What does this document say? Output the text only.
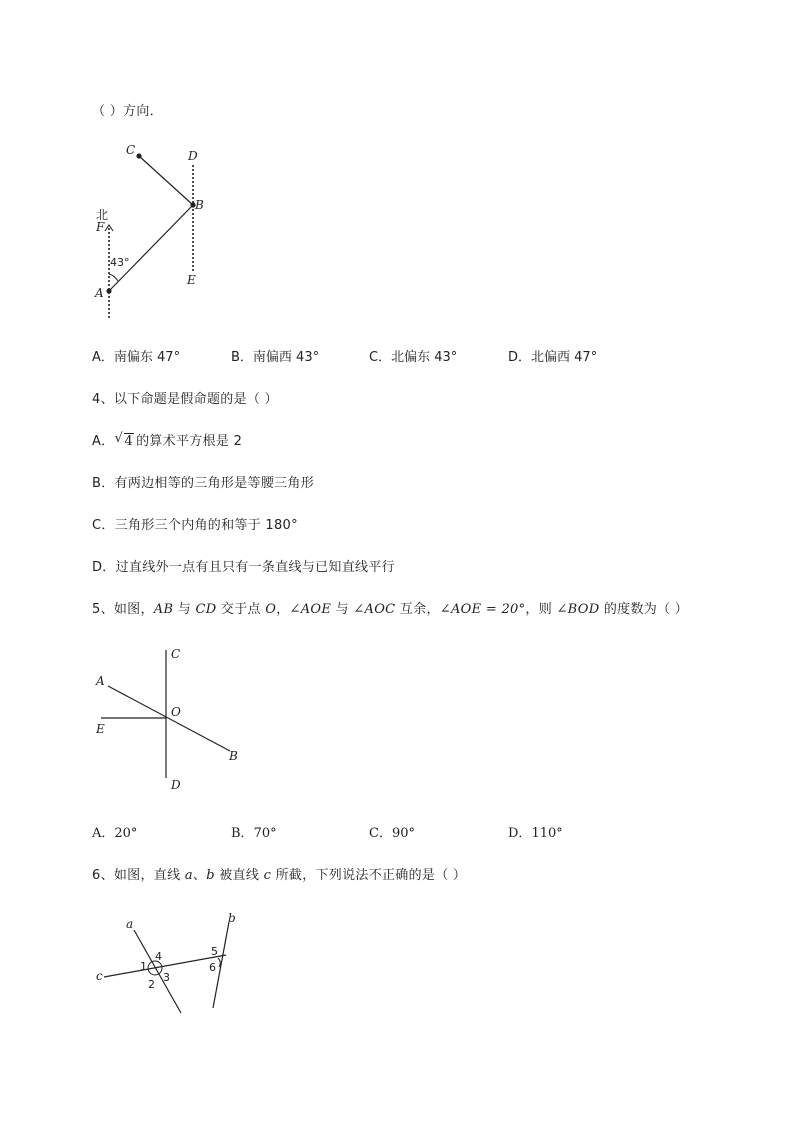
（ ）方向．
C	D
B
北
F
43°
A
E
A．南偏东 47°	B．南偏西 43°	C．北偏东 43°	D．北偏西 47°
4、以下命题是假命题的是（ ）
A． √ 4 的算术平方根是 2
B．有两边相等的三角形是等腰三角形
C．三角形三个内角的和等于 180°
D．过直线外一点有且只有一条直线与已知直线平行
5、如图，AB 与 CD 交于点 O，∠AOE 与 ∠AOC 互余，∠AOE = 20°，则 ∠BOD 的度数为（ ）
C
A
O
E
B
D
A．20°	B．70°	C．90°	D．110°
6、如图，直线 a、b 被直线 c 所截，下列说法不正确的是（ ）
a	b
c
1
4
2
3
5
6
